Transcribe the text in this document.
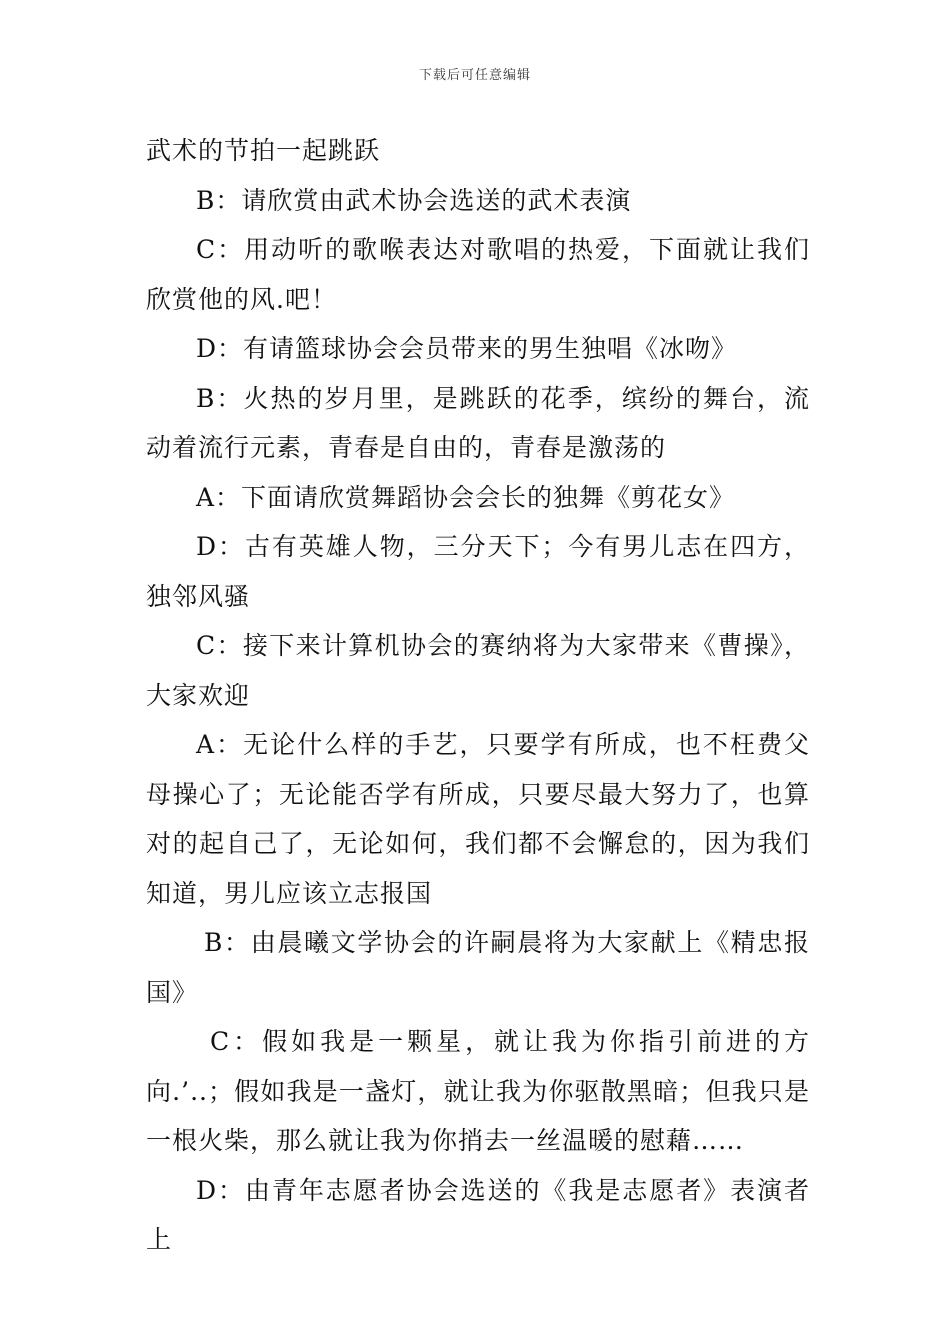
下载后可任意编辑

武术的节拍一起跳跃

B：请欣赏由武术协会选送的武术表演

C：用动听的歌喉表达对歌唱的热爱，下面就让我们欣赏他的风.吧！

D：有请篮球协会会员带来的男生独唱《冰吻》

B：火热的岁月里，是跳跃的花季，缤纷的舞台，流动着流行元素，青春是自由的，青春是激荡的

A：下面请欣赏舞蹈协会会长的独舞《剪花女》

D：古有英雄人物，三分天下；今有男儿志在四方，独邻风骚

C：接下来计算机协会的赛纳将为大家带来《曹操》，大家欢迎

A：无论什么样的手艺，只要学有所成，也不枉费父母操心了；无论能否学有所成，只要尽最大努力了，也算对的起自己了，无论如何，我们都不会懈怠的，因为我们知道，男儿应该立志报国

B：由晨曦文学协会的许嗣晨将为大家献上《精忠报国》

C：假如我是一颗星，就让我为你指引前进的方向.’..；假如我是一盏灯，就让我为你驱散黑暗；但我只是一根火柴，那么就让我为你捎去一丝温暖的慰藉……

D：由青年志愿者协会选送的《我是志愿者》表演者上
